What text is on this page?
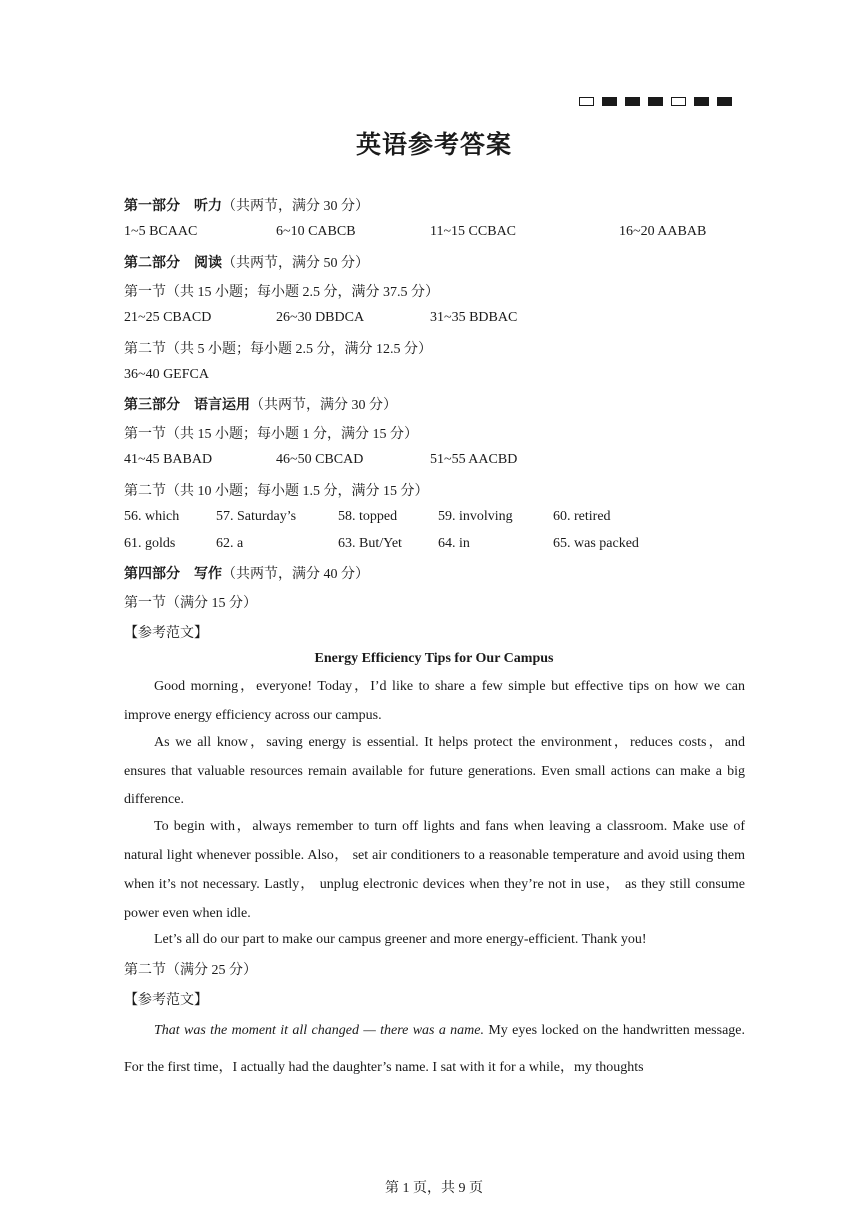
英语参考答案
第一部分　听力（共两节，满分 30 分）
1~5 BCAAC	6~10 CABCB	11~15 CCBAC	16~20 AABAB
第二部分　阅读（共两节，满分 50 分）
第一节（共 15 小题；每小题 2.5 分，满分 37.5 分）
21~25 CBACD	26~30 DBDCA	31~35 BDBAC
第二节（共 5 小题；每小题 2.5 分，满分 12.5 分）
36~40 GEFCA
第三部分　语言运用（共两节，满分 30 分）
第一节（共 15 小题；每小题 1 分，满分 15 分）
41~45 BABAD	46~50 CBCAD	51~55 AACBD
第二节（共 10 小题；每小题 1.5 分，满分 15 分）
56. which	57. Saturday’s	58. topped	59. involving	60. retired
61. golds	62. a	63. But/Yet	64. in	65. was packed
第四部分　写作（共两节，满分 40 分）
第一节（满分 15 分）
【参考范文】
Energy Efficiency Tips for Our Campus
Good morning，everyone! Today，I’d like to share a few simple but effective tips on how we can improve energy efficiency across our campus.
As we all know，saving energy is essential. It helps protect the environment，reduces costs，and ensures that valuable resources remain available for future generations. Even small actions can make a big difference.
To begin with，always remember to turn off lights and fans when leaving a classroom. Make use of natural light whenever possible. Also， set air conditioners to a reasonable temperature and avoid using them when it’s not necessary. Lastly， unplug electronic devices when they’re not in use， as they still consume power even when idle.
Let’s all do our part to make our campus greener and more energy-efficient. Thank you!
第二节（满分 25 分）
【参考范文】
That was the moment it all changed — there was a name. My eyes locked on the handwritten message. For the first time，I actually had the daughter’s name. I sat with it for a while，my thoughts
第 1 页，共 9 页
